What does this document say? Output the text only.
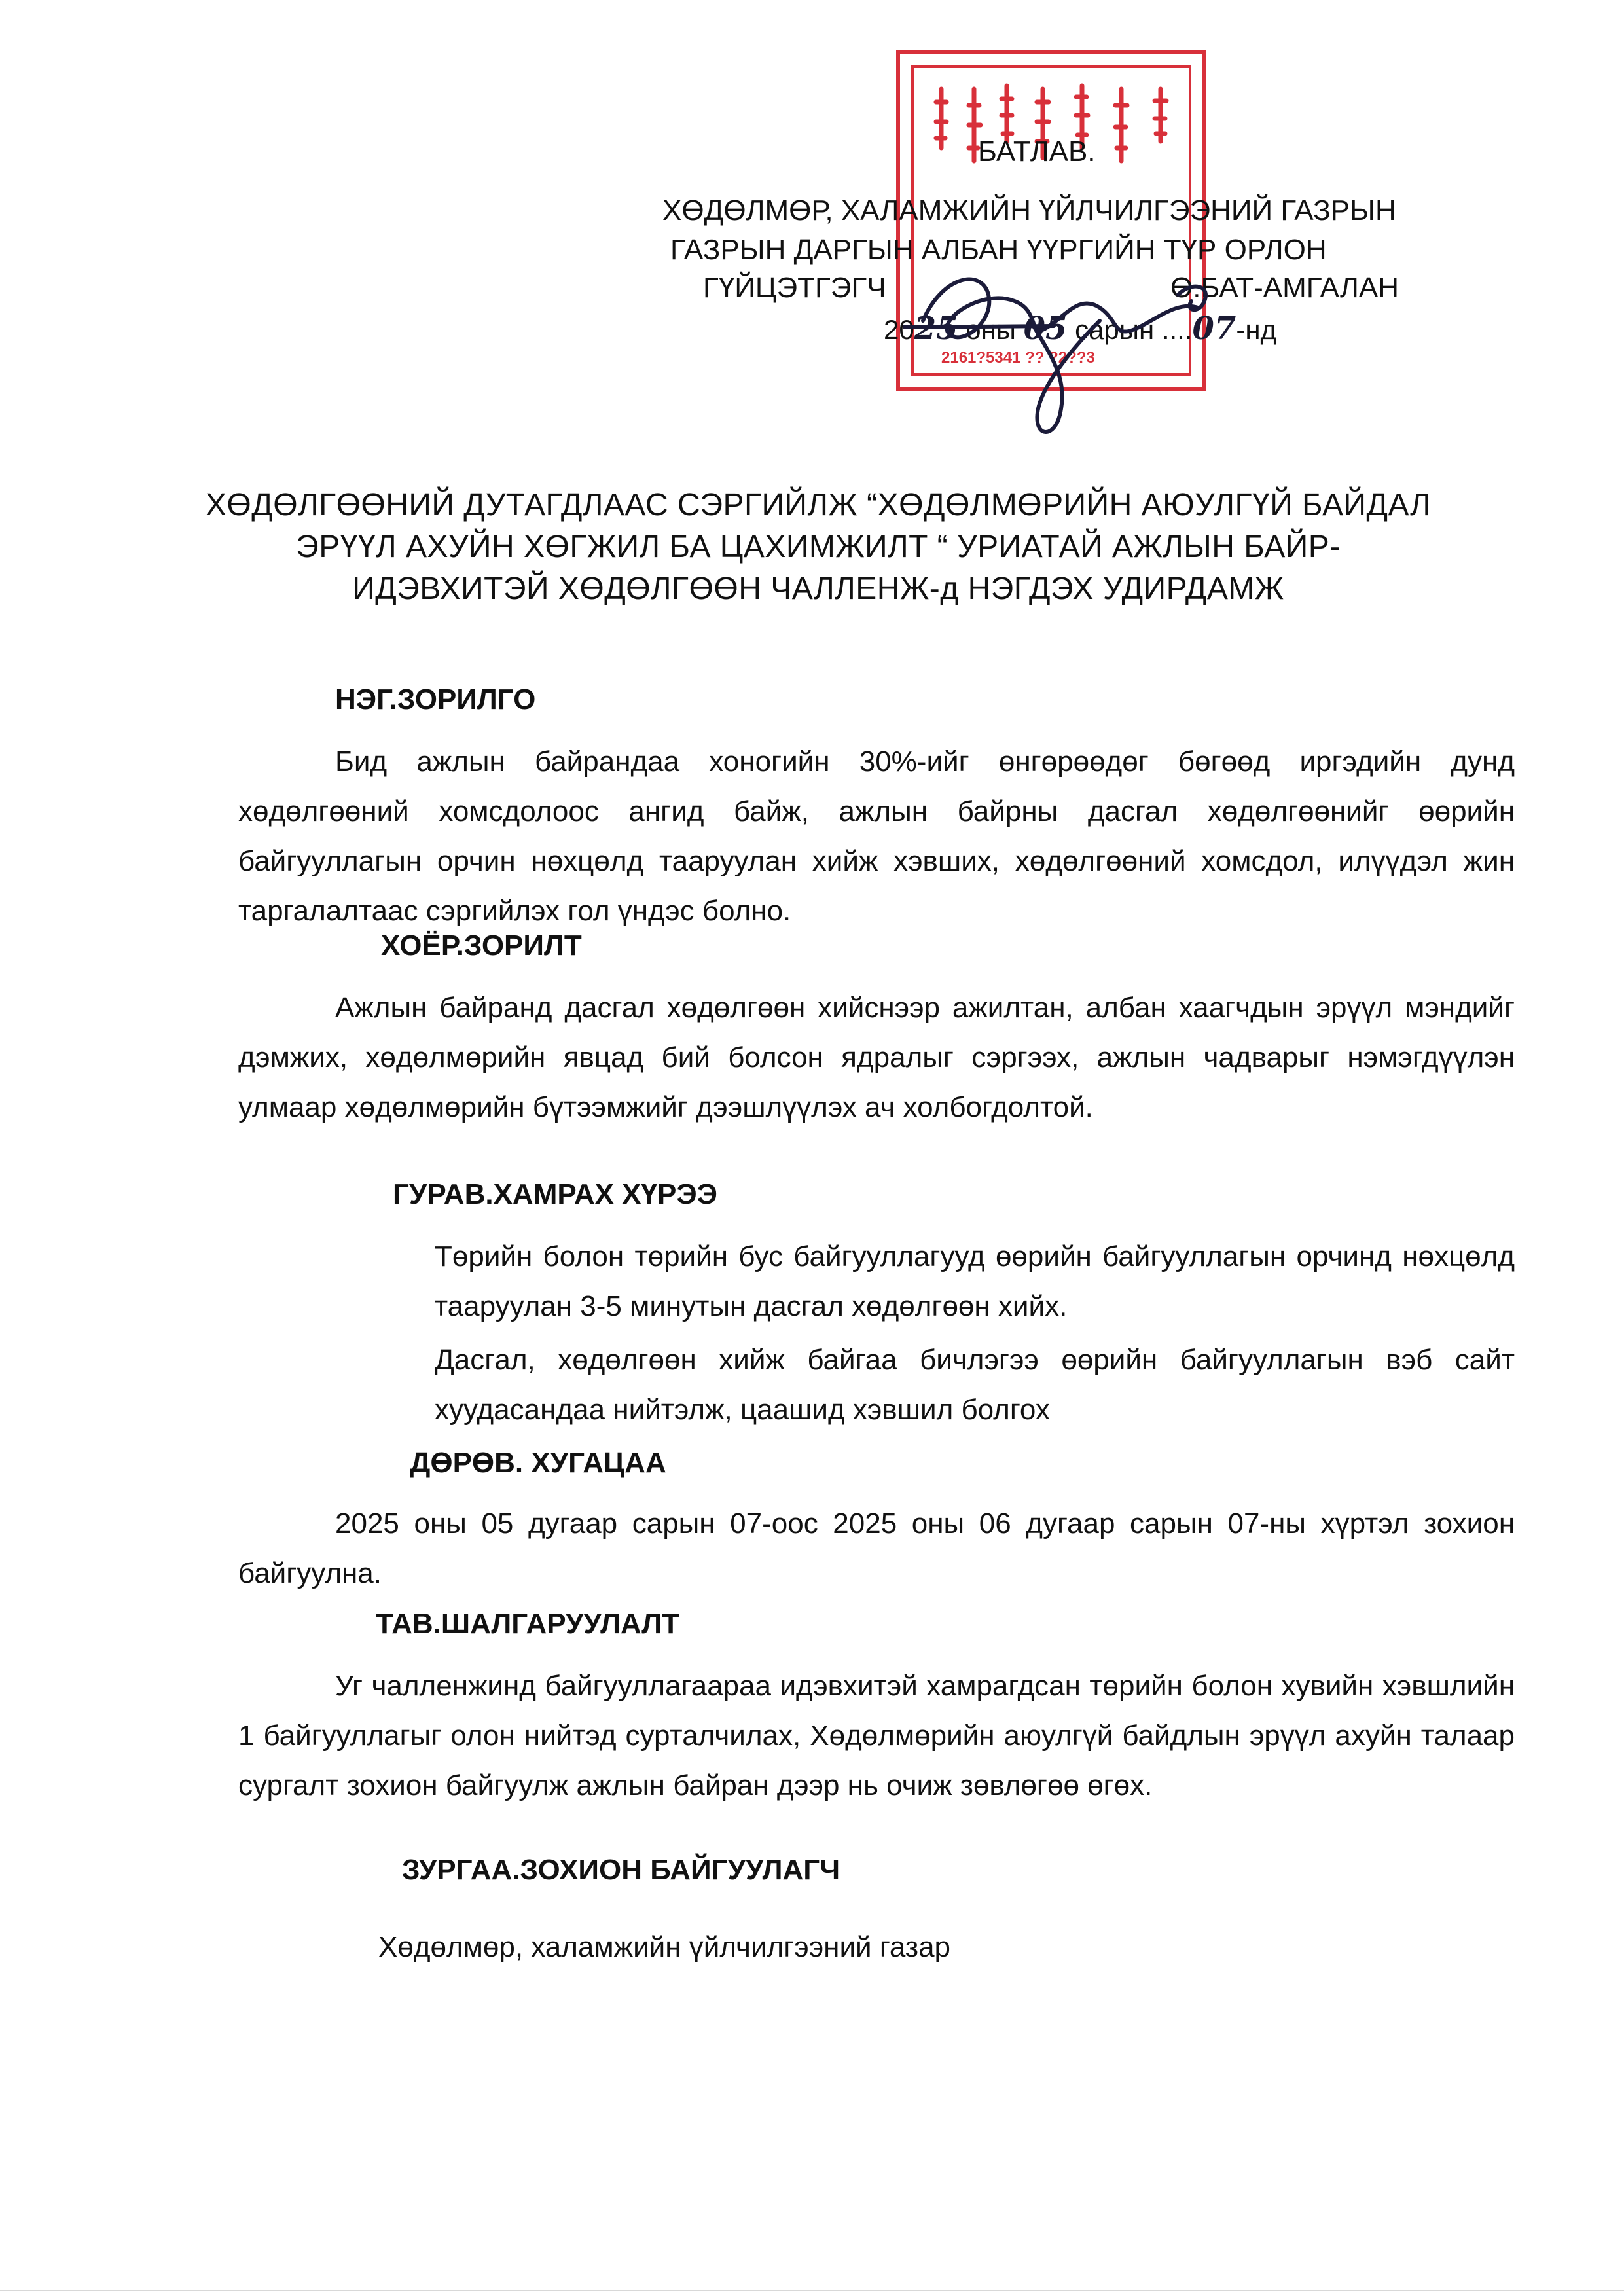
2161?5341 ?? ?2??3
БАТЛАВ.
ХӨДӨЛМӨР, ХАЛАМЖИЙН ҮЙЛЧИЛГЭЭНИЙ ГАЗРЫН
ГАЗРЫН ДАРГЫН АЛБАН ҮҮРГИЙН ТҮР ОРЛОН
ГҮЙЦЭТГЭГЧ	Ө.БАТ-АМГАЛАН
2025 оны 05 сарын ....07-нд
ХӨДӨЛГӨӨНИЙ ДУТАГДЛААС СЭРГИЙЛЖ “ХӨДӨЛМӨРИЙН АЮУЛГҮЙ БАЙДАЛ
ЭРҮҮЛ АХУЙН ХӨГЖИЛ БА ЦАХИМЖИЛТ “ УРИАТАЙ АЖЛЫН БАЙР-
ИДЭВХИТЭЙ ХӨДӨЛГӨӨН ЧАЛЛЕНЖ-д НЭГДЭХ УДИРДАМЖ
НЭГ.ЗОРИЛГО
Бид ажлын байрандаа хоногийн 30%-ийг өнгөрөөдөг бөгөөд иргэдийн дунд хөдөлгөөний хомсдолоос ангид байж, ажлын байрны дасгал хөдөлгөөнийг өөрийн байгууллагын орчин нөхцөлд тааруулан хийж хэвших, хөдөлгөөний хомсдол, илүүдэл жин таргалалтаас сэргийлэх гол үндэс болно.
ХОЁР.ЗОРИЛТ
Ажлын байранд дасгал хөдөлгөөн хийснээр ажилтан, албан хаагчдын эрүүл мэндийг дэмжих, хөдөлмөрийн явцад бий болсон ядралыг сэргээх, ажлын чадварыг нэмэгдүүлэн улмаар хөдөлмөрийн бүтээмжийг дээшлүүлэх ач холбогдолтой.
ГУРАВ.ХАМРАХ ХҮРЭЭ
Төрийн болон төрийн бус байгууллагууд өөрийн байгууллагын орчинд нөхцөлд тааруулан 3-5 минутын дасгал хөдөлгөөн хийх.
Дасгал, хөдөлгөөн хийж байгаа бичлэгээ өөрийн байгууллагын вэб сайт хуудасандаа нийтэлж, цаашид хэвшил болгох
ДӨРӨВ. ХУГАЦАА
2025 оны 05 дугаар сарын 07-оос 2025 оны 06 дугаар сарын 07-ны хүртэл зохион байгуулна.
ТАВ.ШАЛГАРУУЛАЛТ
Уг чалленжинд байгууллагаараа идэвхитэй хамрагдсан төрийн болон хувийн хэвшлийн 1 байгууллагыг олон нийтэд сурталчилах, Хөдөлмөрийн аюулгүй байдлын эрүүл ахуйн талаар сургалт зохион байгуулж ажлын байран дээр нь очиж зөвлөгөө өгөх.
ЗУРГАА.ЗОХИОН БАЙГУУЛАГЧ
Хөдөлмөр, халамжийн үйлчилгээний газар
